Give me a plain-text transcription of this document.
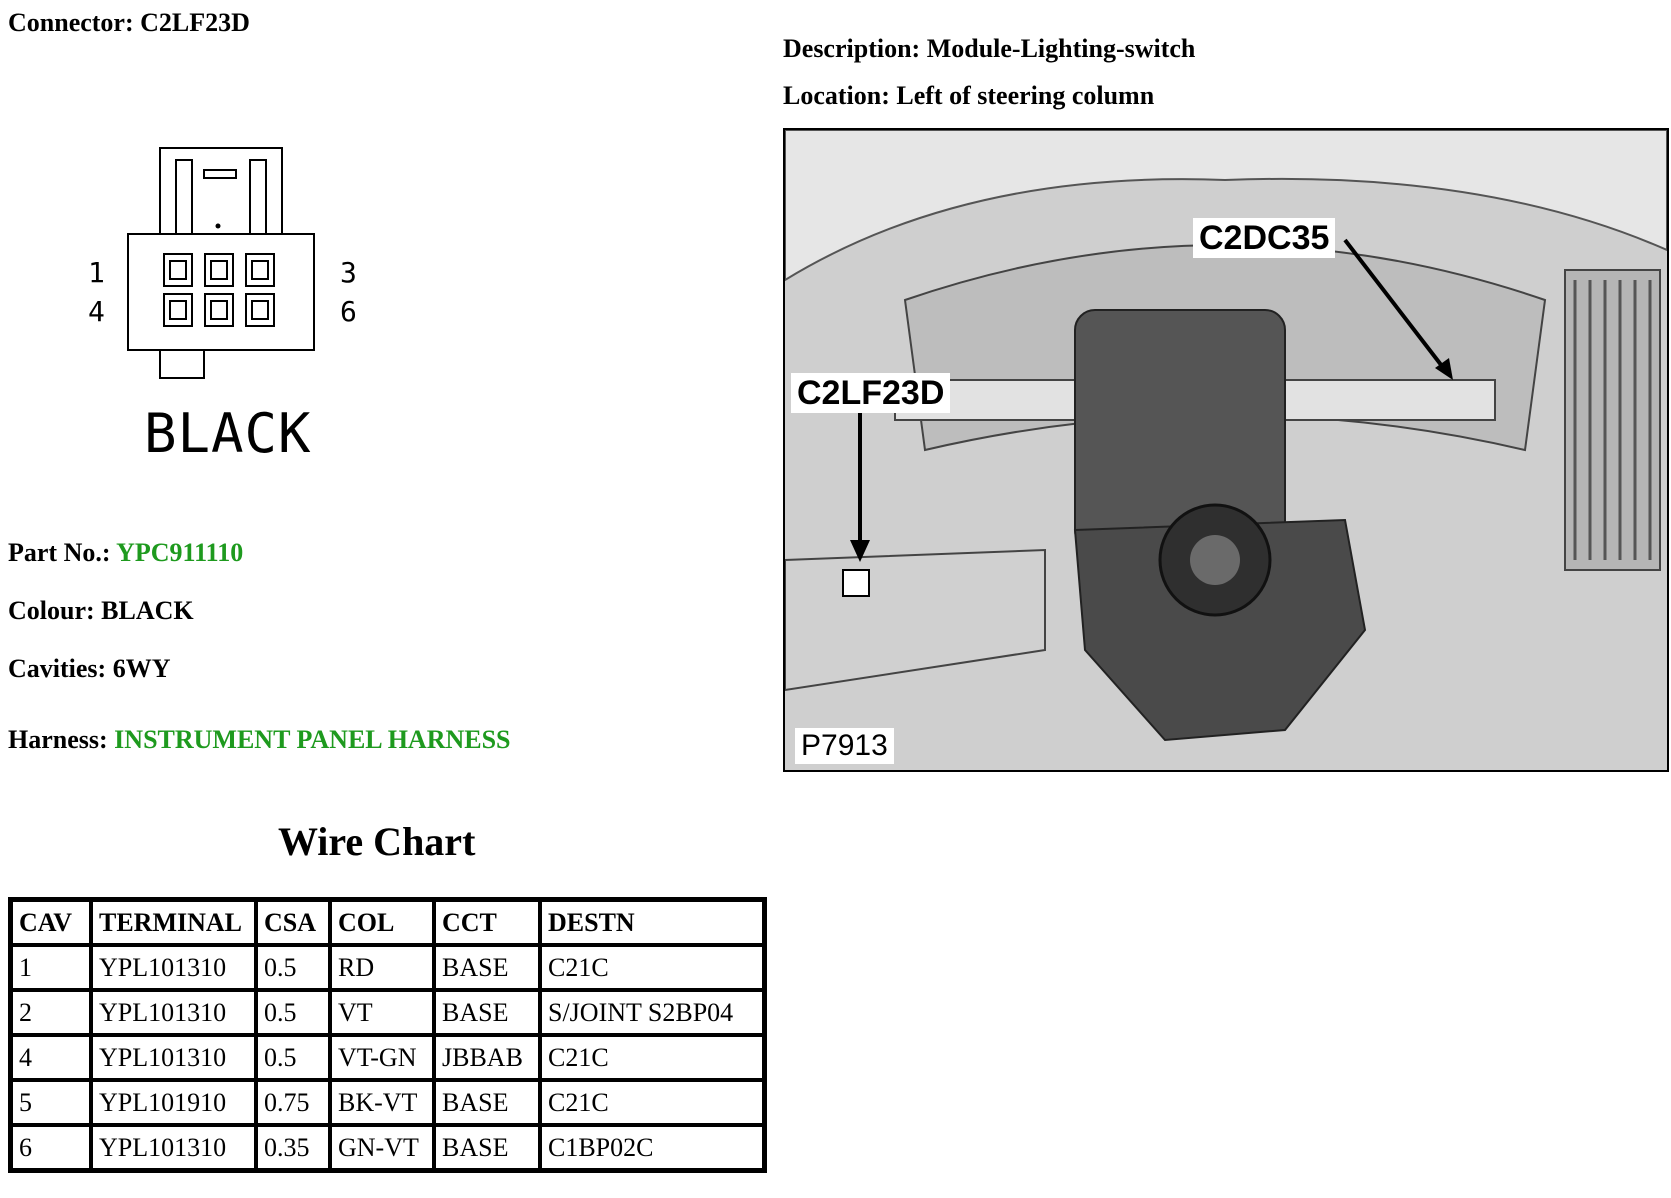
Connector: C2LF23D
Description: Module-Lighting-switch
Location: Left of steering column
1
4
3
6
BLACK
Part No.: YPC911110
Colour: BLACK
Cavities: 6WY
Harness: INSTRUMENT PANEL HARNESS
C2DC35
C2LF23D
P7913
Wire Chart
CAV	TERMINAL	CSA	COL	CCT	DESTN
1	YPL101310	0.5	RD	BASE	C21C
2	YPL101310	0.5	VT	BASE	S/JOINT S2BP04
4	YPL101310	0.5	VT-GN	JBBAB	C21C
5	YPL101910	0.75	BK-VT	BASE	C21C
6	YPL101310	0.35	GN-VT	BASE	C1BP02C
